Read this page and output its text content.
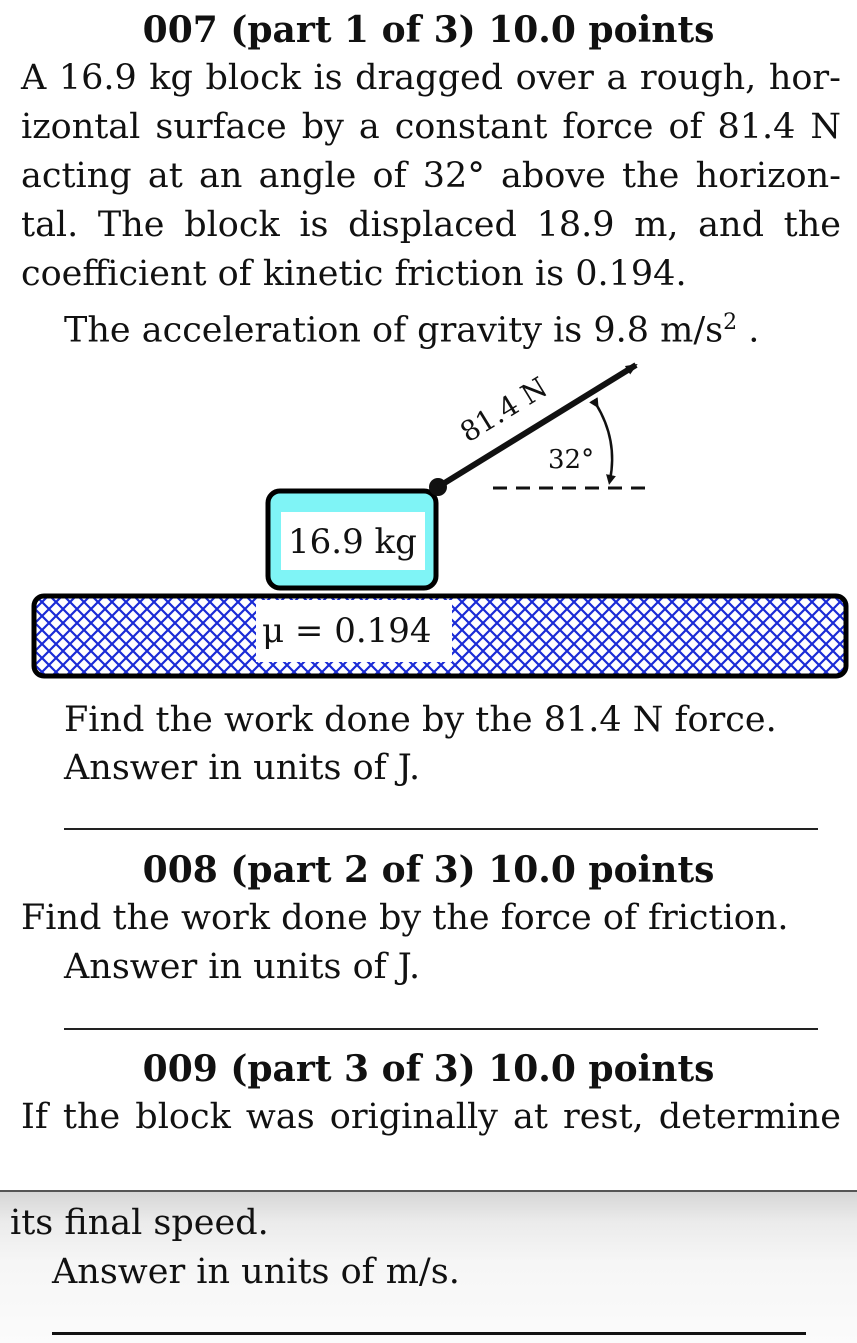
007 (part 1 of 3) 10.0 points
A 16.9 kg block is dragged over a rough, hor-
izontal surface by a constant force of 81.4 N
acting at an angle of 32° above the horizon-
tal. The block is displaced 18.9 m, and the
coefficient of kinetic friction is 0.194.
The acceleration of gravity is 9.8 $m/s^2$ .
μ = 0.194
16.9 kg
81.4 N
32°
Find the work done by the 81.4 N force.
Answer in units of J.
008 (part 2 of 3) 10.0 points
Find the work done by the force of friction.
Answer in units of J.
009 (part 3 of 3) 10.0 points
If the block was originally at rest, determine
its final speed.
Answer in units of m/s.
